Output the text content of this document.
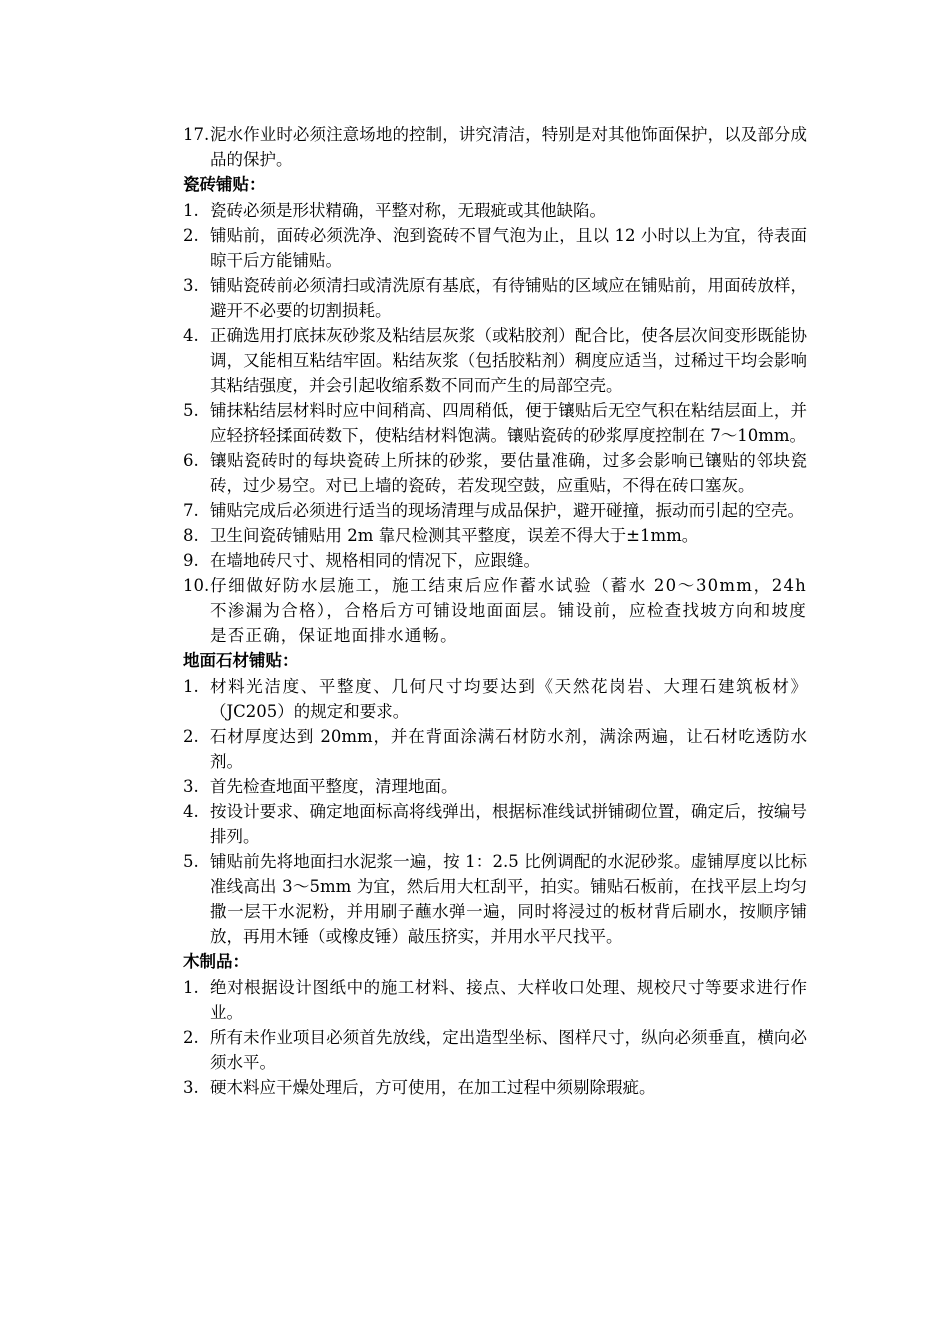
17. 泥水作业时必须注意场地的控制，讲究清洁，特别是对其他饰面保护，以及部分成品的保护。
瓷砖铺贴：
1. 瓷砖必须是形状精确，平整对称，无瑕疵或其他缺陷。
2. 铺贴前，面砖必须洗净、泡到瓷砖不冒气泡为止，且以 12 小时以上为宜，待表面晾干后方能铺贴。
3. 铺贴瓷砖前必须清扫或清洗原有基底，有待铺贴的区域应在铺贴前，用面砖放样，避开不必要的切割损耗。
4. 正确选用打底抹灰砂浆及粘结层灰浆（或粘胶剂）配合比，使各层次间变形既能协调，又能相互粘结牢固。粘结灰浆（包括胶粘剂）稠度应适当，过稀过干均会影响其粘结强度，并会引起收缩系数不同而产生的局部空壳。
5. 铺抹粘结层材料时应中间稍高、四周稍低，便于镶贴后无空气积在粘结层面上，并应轻挤轻揉面砖数下，使粘结材料饱满。镶贴瓷砖的砂浆厚度控制在 7～10mm。
6. 镶贴瓷砖时的每块瓷砖上所抹的砂浆，要估量准确，过多会影响已镶贴的邻块瓷砖，过少易空。对已上墙的瓷砖，若发现空鼓，应重贴，不得在砖口塞灰。
7. 铺贴完成后必须进行适当的现场清理与成品保护，避开碰撞，振动而引起的空壳。
8. 卫生间瓷砖铺贴用 2m 靠尺检测其平整度，误差不得大于±1mm。
9. 在墙地砖尺寸、规格相同的情况下，应跟缝。
10. 仔细做好防水层施工，施工结束后应作蓄水试验（蓄水 20～30mm，24h 不渗漏为合格），合格后方可铺设地面面层。铺设前，应检查找坡方向和坡度是否正确，保证地面排水通畅。
地面石材铺贴：
1. 材料光洁度、平整度、几何尺寸均要达到《天然花岗岩、大理石建筑板材》（JC205）的规定和要求。
2. 石材厚度达到 20mm，并在背面涂满石材防水剂，满涂两遍，让石材吃透防水剂。
3. 首先检查地面平整度，清理地面。
4. 按设计要求、确定地面标高将线弹出，根据标准线试拼铺砌位置，确定后，按编号排列。
5. 铺贴前先将地面扫水泥浆一遍，按 1：2.5 比例调配的水泥砂浆。虚铺厚度以比标准线高出 3～5mm 为宜，然后用大杠刮平，拍实。铺贴石板前，在找平层上均匀撒一层干水泥粉，并用刷子蘸水弹一遍，同时将浸过的板材背后刷水，按顺序铺放，再用木锤（或橡皮锤）敲压挤实，并用水平尺找平。
木制品：
1. 绝对根据设计图纸中的施工材料、接点、大样收口处理、规校尺寸等要求进行作业。
2. 所有未作业项目必须首先放线，定出造型坐标、图样尺寸，纵向必须垂直，横向必须水平。
3. 硬木料应干燥处理后，方可使用，在加工过程中须剔除瑕疵。
